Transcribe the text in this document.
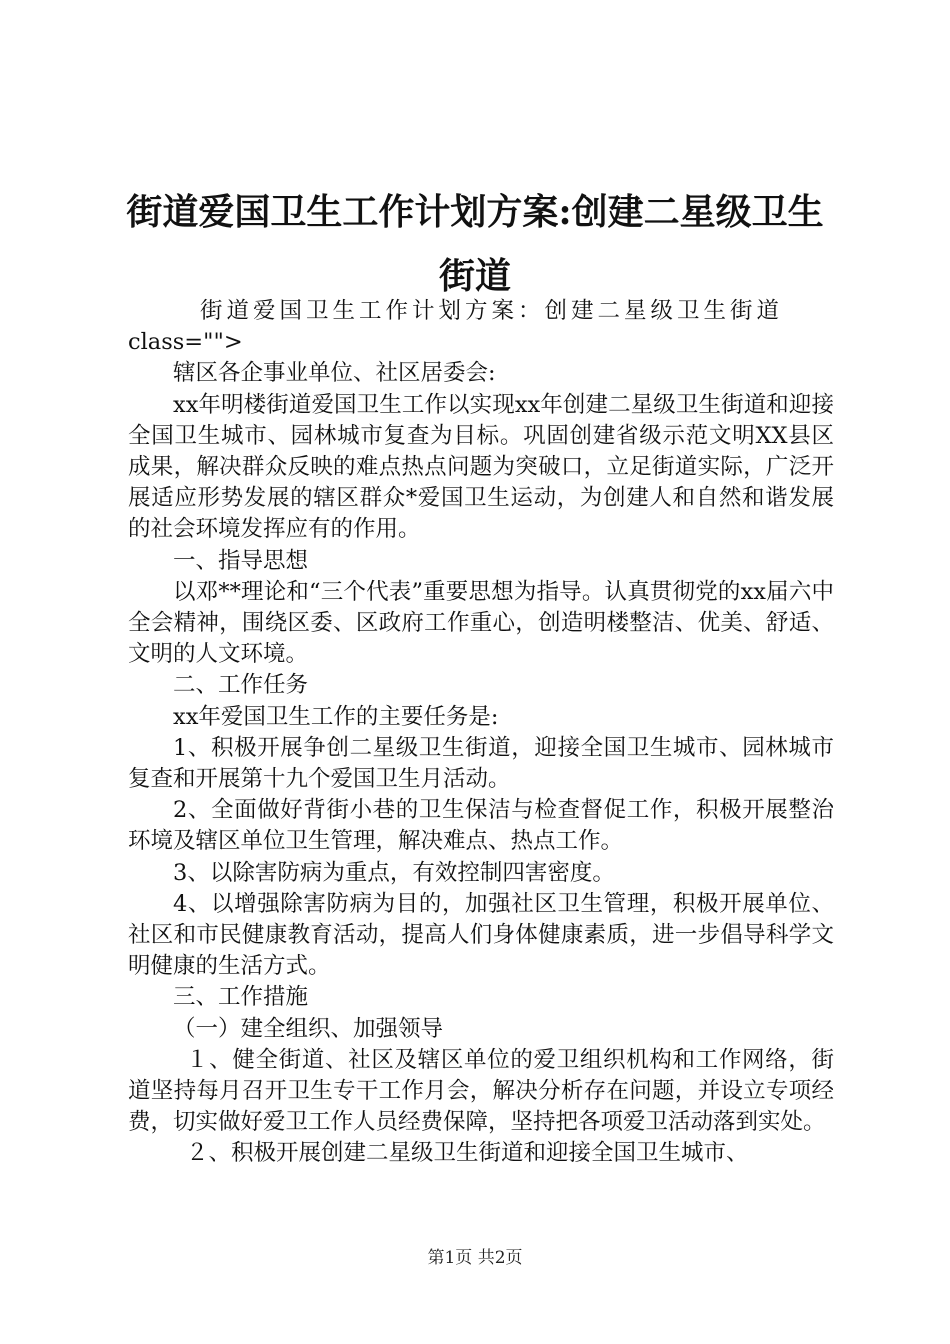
街道爱国卫生工作计划方案:创建二星级卫生
街道

街道爱国卫生工作计划方案：创建二星级卫生街道

class="">

辖区各企事业单位、社区居委会:

xx年明楼街道爱国卫生工作以实现xx年创建二星级卫生街道和迎接全国卫生城市、园林城市复查为目标。巩固创建省级示范文明XX县区成果，解决群众反映的难点热点问题为突破口，立足街道实际，广泛开展适应形势发展的辖区群众*爱国卫生运动，为创建人和自然和谐发展的社会环境发挥应有的作用。

一、指导思想

以邓**理论和“三个代表”重要思想为指导。认真贯彻党的xx届六中全会精神，围绕区委、区政府工作重心，创造明楼整洁、优美、舒适、文明的人文环境。

二、工作任务

xx年爱国卫生工作的主要任务是:

1、积极开展争创二星级卫生街道，迎接全国卫生城市、园林城市复查和开展第十九个爱国卫生月活动。

2、全面做好背街小巷的卫生保洁与检查督促工作，积极开展整治环境及辖区单位卫生管理，解决难点、热点工作。

3、以除害防病为重点，有效控制四害密度。

4、以增强除害防病为目的，加强社区卫生管理，积极开展单位、社区和市民健康教育活动，提高人们身体健康素质，进一步倡导科学文明健康的生活方式。

三、工作措施

（一）建全组织、加强领导

１、健全街道、社区及辖区单位的爱卫组织机构和工作网络，街道坚持每月召开卫生专干工作月会，解决分析存在问题，并设立专项经费，切实做好爱卫工作人员经费保障，坚持把各项爱卫活动落到实处。

２、积极开展创建二星级卫生街道和迎接全国卫生城市、

第1页 共2页
